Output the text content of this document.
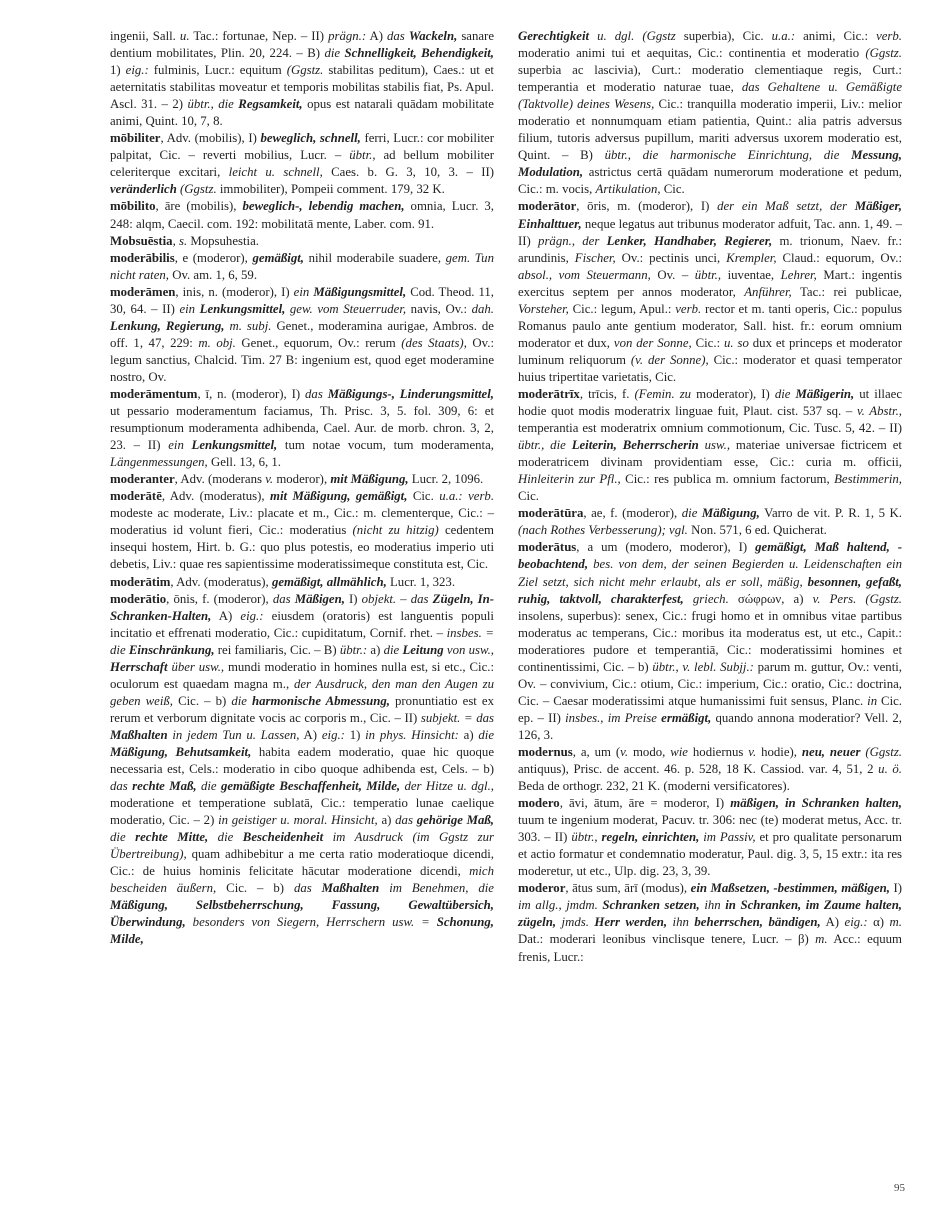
ingenii, Sall. u. Tac.: fortunae, Nep. – II) prägn.: A) das Wackeln, sanare dentium mobilitates, Plin. 20, 224. – B) die Schnelligkeit, Behendigkeit, 1) eig.: fulminis, Lucr.: equitum (Ggstz. stabilitas peditum), Caes.: ut et aeternitatis stabilitas moveatur et temporis mobilitas stabilis fiat, Ps. Apul. Ascl. 31. – 2) übtr., die Regsamkeit, opus est natarali quādam mobilitate animi, Quint. 10, 7, 8.

mōbiliter, Adv. (mobilis), I) beweglich, schnell, ferri, Lucr.: cor mobiliter palpitat, Cic. – reverti mobilius, Lucr. – übtr., ad bellum mobiliter celeriterque excitari, leicht u. schnell, Caes. b. G. 3, 10, 3. – II) veränderlich (Ggstz. immobiliter), Pompeii comment. 179, 32 K.

mōbilito, āre (mobilis), beweglich-, lebendig machen, omnia, Lucr. 3, 248: alqm, Caecil. com. 192: mobilitatā mente, Laber. com. 91.

Mobsuēstia, s. Mopsuhestia.

moderābilis, e (moderor), gemäßigt, nihil moderabile suadere, gem. Tun nicht raten, Ov. am. 1, 6, 59.

moderāmen, inis, n. (moderor), I) ein Mäßigungsmittel, Cod. Theod. 11, 30, 64. – II) ein Lenkungsmittel, gew. vom Steuerruder, navis, Ov.: dah. Lenkung, Regierung, m. subj. Genet., moderamina aurigae, Ambros. de off. 1, 47, 229: m. obj. Genet., equorum, Ov.: rerum (des Staats), Ov.: legum sanctius, Chalcid. Tim. 27 B: ingenium est, quod eget moderamine nostro, Ov.

moderāmentum, ī, n. (moderor), I) das Mäßigungs-, Linderungsmittel, ut pessario moderamentum faciamus, Th. Prisc. 3, 5. fol. 309, 6: et resumptionum moderamenta adhibenda, Cael. Aur. de morb. chron. 3, 2, 23. – II) ein Lenkungsmittel, tum notae vocum, tum moderamenta, Längenmessungen, Gell. 13, 6, 1.

moderanter, Adv. (moderans v. moderor), mit Mäßigung, Lucr. 2, 1096.

moderātē, Adv. (moderatus), mit Mäßigung, gemäßigt, Cic. u.a.: verb. modeste ac moderate, Liv.: placate et m., Cic.: m. clementerque, Cic.: – moderatius id volunt fieri, Cic.: moderatius (nicht zu hitzig) cedentem insequi hostem, Hirt. b. G.: quo plus potestis, eo moderatius imperio uti debetis, Liv.: quae res sapientissime moderatissimeque constituta est, Cic.

moderātim, Adv. (moderatus), gemäßigt, allmählich, Lucr. 1, 323.

moderātio, ōnis, f. (moderor), das Mäßigen, I) objekt. – das Zügeln, In-Schranken-Halten, A) eig.: eiusdem (oratoris) est languentis populi incitatio et effrenati moderatio, Cic.: cupiditatum, Cornif. rhet. – insbes. = die Einschränkung, rei familiaris, Cic. – B) übtr.: a) die Leitung von usw., Herrschaft über usw., mundi moderatio in homines nulla est, si etc., Cic.: oculorum est quaedam magna m., der Ausdruck, den man den Augen zu geben weiß, Cic. – b) die harmonische Abmessung, pronuntiatio est ex rerum et verborum dignitate vocis ac corporis m., Cic. – II) subjekt. = das Maßhalten in jedem Tun u. Lassen, A) eig.: 1) in phys. Hinsicht: a) die Mäßigung, Behutsamkeit, habita eadem moderatio, quae hic quoque necessaria est, Cels.: moderatio in cibo quoque adhibenda est, Cels. – b) das rechte Maß, die gemäßigte Beschaffenheit, Milde, der Hitze u. dgl., moderatione et temperatione sublatā, Cic.: temperatio lunae caelique moderatio, Cic. – 2) in geistiger u. moral. Hinsicht, a) das gehörige Maß, die rechte Mitte, die Bescheidenheit im Ausdruck (im Ggstz zur Übertreibung), quam adhibebitur a me certa ratio moderatioque dicendi, Cic.: de huius hominis felicitate hācutar moderatione dicendi, mich bescheiden äußern, Cic. – b) das Maßhalten im Benehmen, die Mäßigung, Selbstbeherrschung, Fassung, Gewaltübersich, Überwindung, besonders von Siegern, Herrschern usw. = Schonung, Milde,

Gerechtigkeit u. dgl. (Ggstz superbia), Cic. u.a.: animi, Cic.: verb. moderatio animi tui et aequitas, Cic.: continentia et moderatio (Ggstz. superbia ac lascivia), Curt.: moderatio clementiaque regis, Curt.: temperantia et moderatio naturae tuae, das Gehaltene u. Gemäßigte (Taktvolle) deines Wesens, Cic.: tranquilla moderatio imperii, Liv.: melior moderatio et nonnumquam etiam patientia, Quint.: alia patris adversus filium, tutoris adversus pupillum, mariti adversus uxorem moderatio est, Quint. – B) übtr., die harmonische Einrichtung, die Messung, Modulation, astrictus certā quādam numerorum moderatione et pedum, Cic.: m. vocis, Artikulation, Cic.

moderātor, ōris, m. (moderor), I) der ein Maß setzt, der Mäßiger, Einhalttuer, neque legatus aut tribunus moderator adfuit, Tac. ann. 1, 49. – II) prägn., der Lenker, Handhaber, Regierer, m. trionum, Naev. fr.: arundinis, Fischer, Ov.: pectinis unci, Krempler, Claud.: equorum, Ov.: absol., vom Steuermann, Ov. – übtr., iuventae, Lehrer, Mart.: ingentis exercitus septem per annos moderator, Anführer, Tac.: rei publicae, Vorsteher, Cic.: legum, Apul.: verb. rector et m. tanti operis, Cic.: populus Romanus paulo ante gentium moderator, Sall. hist. fr.: eorum omnium moderator et dux, von der Sonne, Cic.: u. so dux et princeps et moderator luminum reliquorum (v. der Sonne), Cic.: moderator et quasi temperator huius tripertitae varietatis, Cic.

moderātrīx, trīcis, f. (Femin. zu moderator), I) die Mäßigerin, ut illaec hodie quot modis moderatrix linguae fuit, Plaut. cist. 537 sq. – v. Abstr., temperantia est moderatrix omnium commotionum, Cic. Tusc. 5, 42. – II) übtr., die Leiterin, Beherrscherin usw., materiae universae fictricem et moderatricem divinam providentiam esse, Cic.: curia m. officii, Hinleiterin zur Pfl., Cic.: res publica m. omnium factorum, Bestimmerin, Cic.

moderātūra, ae, f. (moderor), die Mäßigung, Varro de vit. P. R. 1, 5 K. (nach Rothes Verbesserung); vgl. Non. 571, 6 ed. Quicherat.

moderātus, a um (modero, moderor), I) gemäßigt, Maß haltend, -beobachtend, bes. von dem, der seinen Begierden u. Leidenschaften ein Ziel setzt, sich nicht mehr erlaubt, als er soll, mäßig, besonnen, gefaßt, ruhig, taktvoll, charakterfest, griech. σώφρων, a) v. Pers. (Ggstz. insolens, superbus): senex, Cic.: frugi homo et in omnibus vitae partibus moderatus ac temperans, Cic.: moribus ita moderatus est, ut etc., Capit.: moderatiores pudore et temperantiā, Cic.: moderatissimi homines et continentissimi, Cic. – b) übtr., v. lebl. Subjj.: parum m. guttur, Ov.: venti, Ov. – convivium, Cic.: otium, Cic.: imperium, Cic.: oratio, Cic.: doctrina, Cic. – Caesar moderatissimi atque humanissimi fuit sensus, Planc. in Cic. ep. – II) insbes., im Preise ermäßigt, quando annona moderatior? Vell. 2, 126, 3.

modernus, a, um (v. modo, wie hodiernus v. hodie), neu, neuer (Ggstz. antiquus), Prisc. de accent. 46. p. 528, 18 K. Cassiod. var. 4, 51, 2 u. ö. Beda de orthogr. 232, 21 K. (moderni versificatores).

modero, āvi, ātum, āre = moderor, I) mäßigen, in Schranken halten, tuum te ingenium moderat, Pacuv. tr. 306: nec (te) moderat metus, Acc. tr. 303. – II) übtr., regeln, einrichten, im Passiv, et pro qualitate personarum et actio formatur et condemnatio moderatur, Paul. dig. 3, 5, 15 extr.: ita res moderetur, ut etc., Ulp. dig. 23, 3, 39.

moderor, ātus sum, ārī (modus), ein Maßsetzen, -bestimmen, mäßigen, I) im allg., jmdm. Schranken setzen, ihn in Schranken, im Zaume halten, zügeln, jmds. Herr werden, ihn beherrschen, bändigen, A) eig.: α) m. Dat.: moderari leonibus vinclisque tenere, Lucr. – β) m. Acc.: equum frenis, Lucr.:

95
